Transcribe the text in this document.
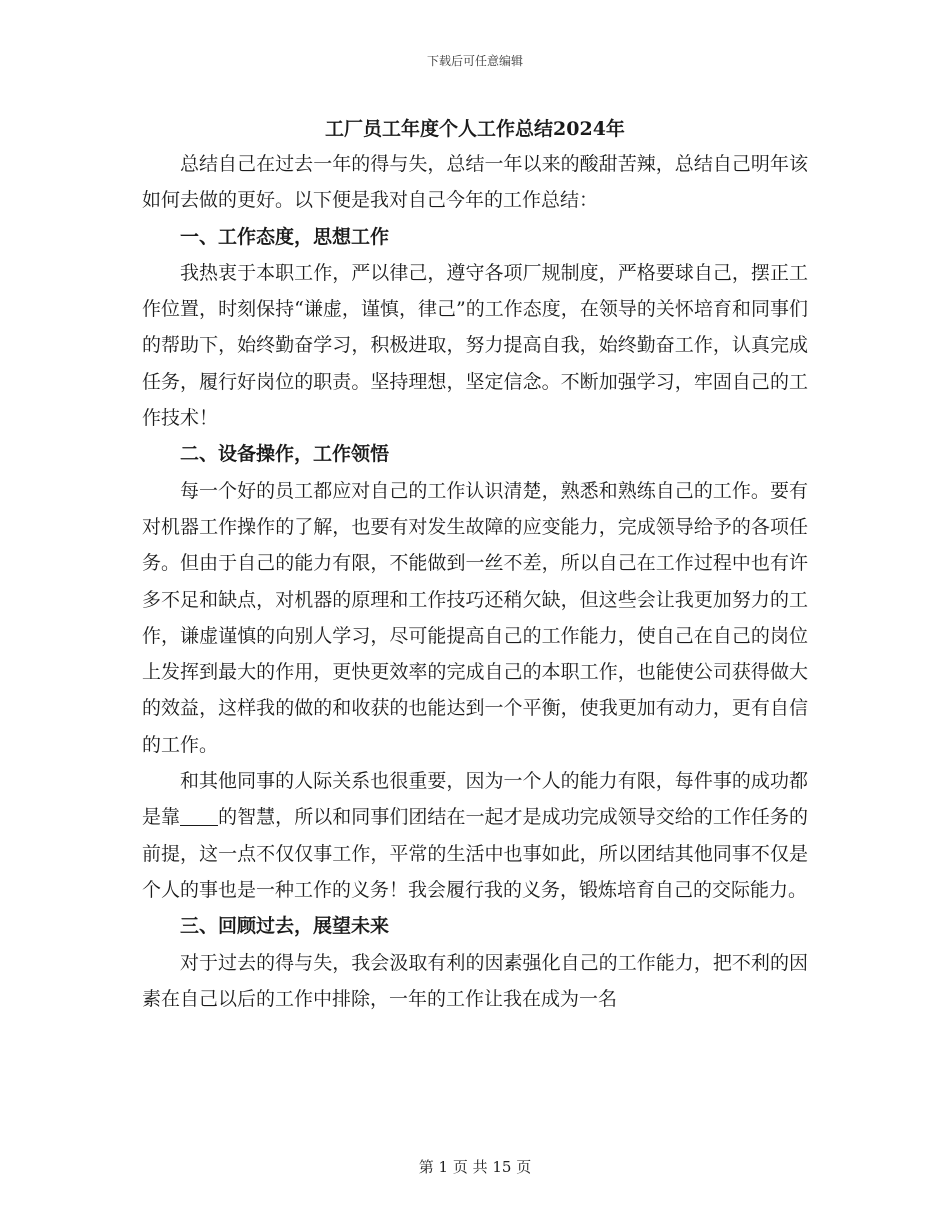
下载后可任意编辑
工厂员工年度个人工作总结2024年

总结自己在过去一年的得与失，总结一年以来的酸甜苦辣，总结自己明年该如何去做的更好。以下便是我对自己今年的工作总结：

一、工作态度，思想工作

我热衷于本职工作，严以律己，遵守各项厂规制度，严格要球自己，摆正工作位置，时刻保持“谦虚，谨慎，律己”的工作态度，在领导的关怀培育和同事们的帮助下，始终勤奋学习，积极进取，努力提高自我，始终勤奋工作，认真完成任务，履行好岗位的职责。坚持理想，坚定信念。不断加强学习，牢固自己的工作技术！

二、设备操作，工作领悟

每一个好的员工都应对自己的工作认识清楚，熟悉和熟练自己的工作。要有对机器工作操作的了解，也要有对发生故障的应变能力，完成领导给予的各项任务。但由于自己的能力有限，不能做到一丝不差，所以自己在工作过程中也有许多不足和缺点，对机器的原理和工作技巧还稍欠缺，但这些会让我更加努力的工作，谦虚谨慎的向别人学习，尽可能提高自己的工作能力，使自己在自己的岗位上发挥到最大的作用，更快更效率的完成自己的本职工作，也能使公司获得做大的效益，这样我的做的和收获的也能达到一个平衡，使我更加有动力，更有自信的工作。

和其他同事的人际关系也很重要，因为一个人的能力有限，每件事的成功都是靠 的智慧，所以和同事们团结在一起才是成功完成领导交给的工作任务的前提，这一点不仅仅事工作，平常的生活中也事如此，所以团结其他同事不仅是个人的事也是一种工作的义务！我会履行我的义务，锻炼培育自己的交际能力。

三、回顾过去，展望未来

对于过去的得与失，我会汲取有利的因素强化自己的工作能力，把不利的因素在自己以后的工作中排除，一年的工作让我在成为一名

第 1 页 共 15 页
